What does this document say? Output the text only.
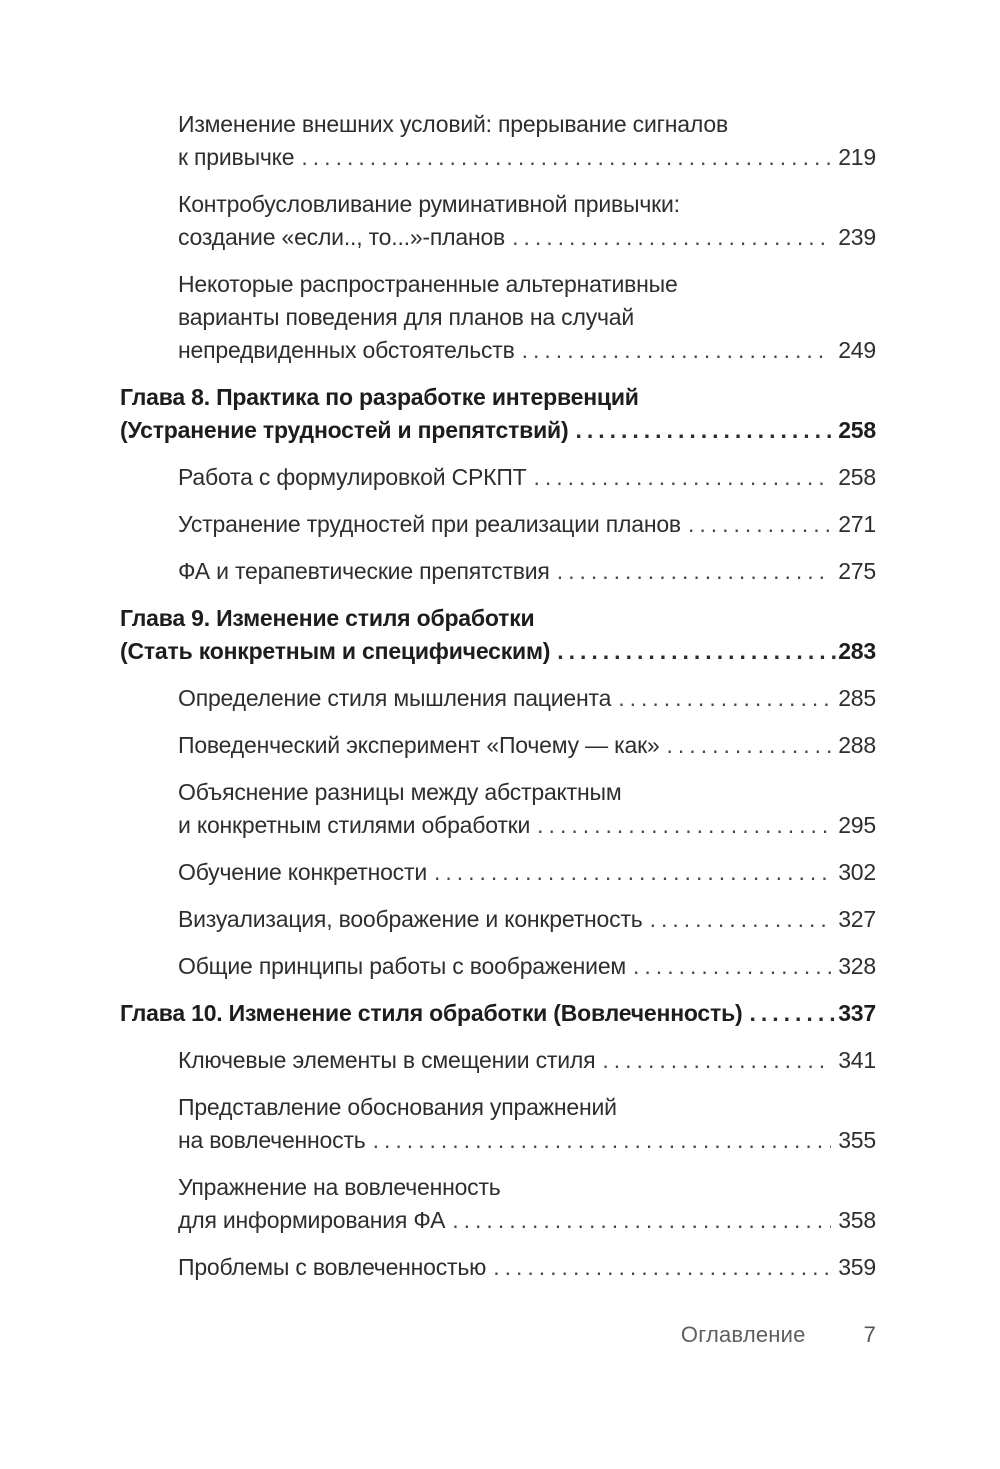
Изменение внешних условий: прерывание сигналов
к привычке .....	219
Контробусловливание руминативной привычки:
создание «если.., то...»-планов .....	239
Некоторые распространенные альтернативные
варианты поведения для планов на случай
непредвиденных обстоятельств .....	249
Глава 8. Практика по разработке интервенций
(Устранение трудностей и препятствий) .....	258
Работа с формулировкой СРКПТ .....	258
Устранение трудностей при реализации планов .....	271
ФА и терапевтические препятствия .....	275
Глава 9. Изменение стиля обработки
(Стать конкретным и специфическим) .....	283
Определение стиля мышления пациента .....	285
Поведенческий эксперимент «Почему — как» .....	288
Объяснение разницы между абстрактным
и конкретным стилями обработки .....	295
Обучение конкретности .....	302
Визуализация, воображение и конкретность .....	327
Общие принципы работы с воображением .....	328
Глава 10. Изменение стиля обработки (Вовлеченность) .....	337
Ключевые элементы в смещении стиля .....	341
Представление обоснования упражнений
на вовлеченность .....	355
Упражнение на вовлеченность
для информирования ФА .....	358
Проблемы с вовлеченностью .....	359
Оглавление	7
